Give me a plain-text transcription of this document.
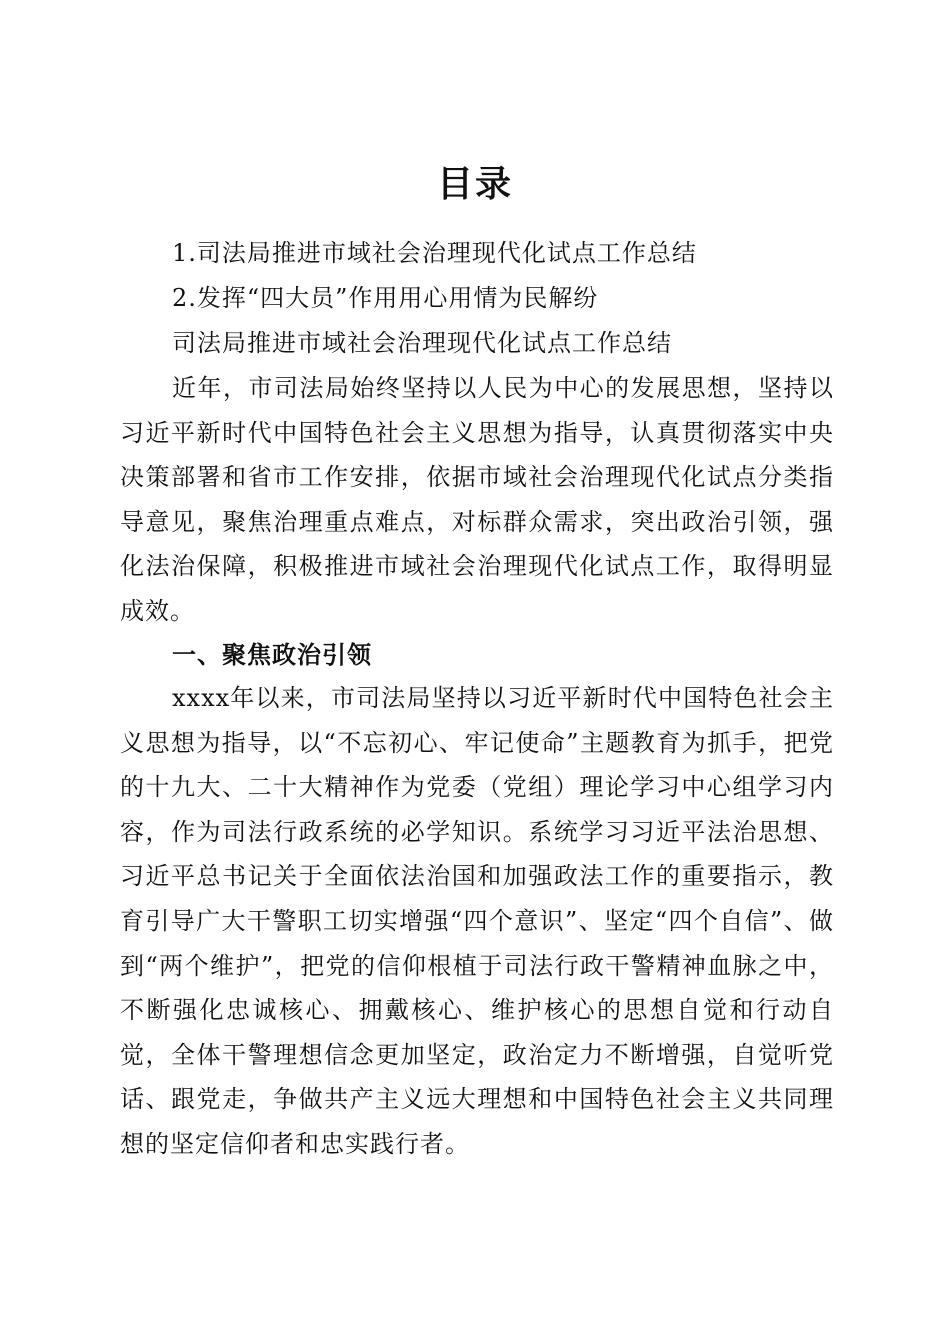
目录
1.司法局推进市域社会治理现代化试点工作总结
2.发挥“四大员”作用用心用情为民解纷
司法局推进市域社会治理现代化试点工作总结

近年，市司法局始终坚持以人民为中心的发展思想，坚持以习近平新时代中国特色社会主义思想为指导，认真贯彻落实中央决策部署和省市工作安排，依据市域社会治理现代化试点分类指导意见，聚焦治理重点难点，对标群众需求，突出政治引领，强化法治保障，积极推进市域社会治理现代化试点工作，取得明显成效。

一、聚焦政治引领

xxxx年以来，市司法局坚持以习近平新时代中国特色社会主义思想为指导，以“不忘初心、牢记使命”主题教育为抓手，把党的十九大、二十大精神作为党委（党组）理论学习中心组学习内容，作为司法行政系统的必学知识。系统学习习近平法治思想、习近平总书记关于全面依法治国和加强政法工作的重要指示，教育引导广大干警职工切实增强“四个意识”、坚定“四个自信”、做到“两个维护”，把党的信仰根植于司法行政干警精神血脉之中，不断强化忠诚核心、拥戴核心、维护核心的思想自觉和行动自觉，全体干警理想信念更加坚定，政治定力不断增强，自觉听党话、跟党走，争做共产主义远大理想和中国特色社会主义共同理想的坚定信仰者和忠实践行者。
